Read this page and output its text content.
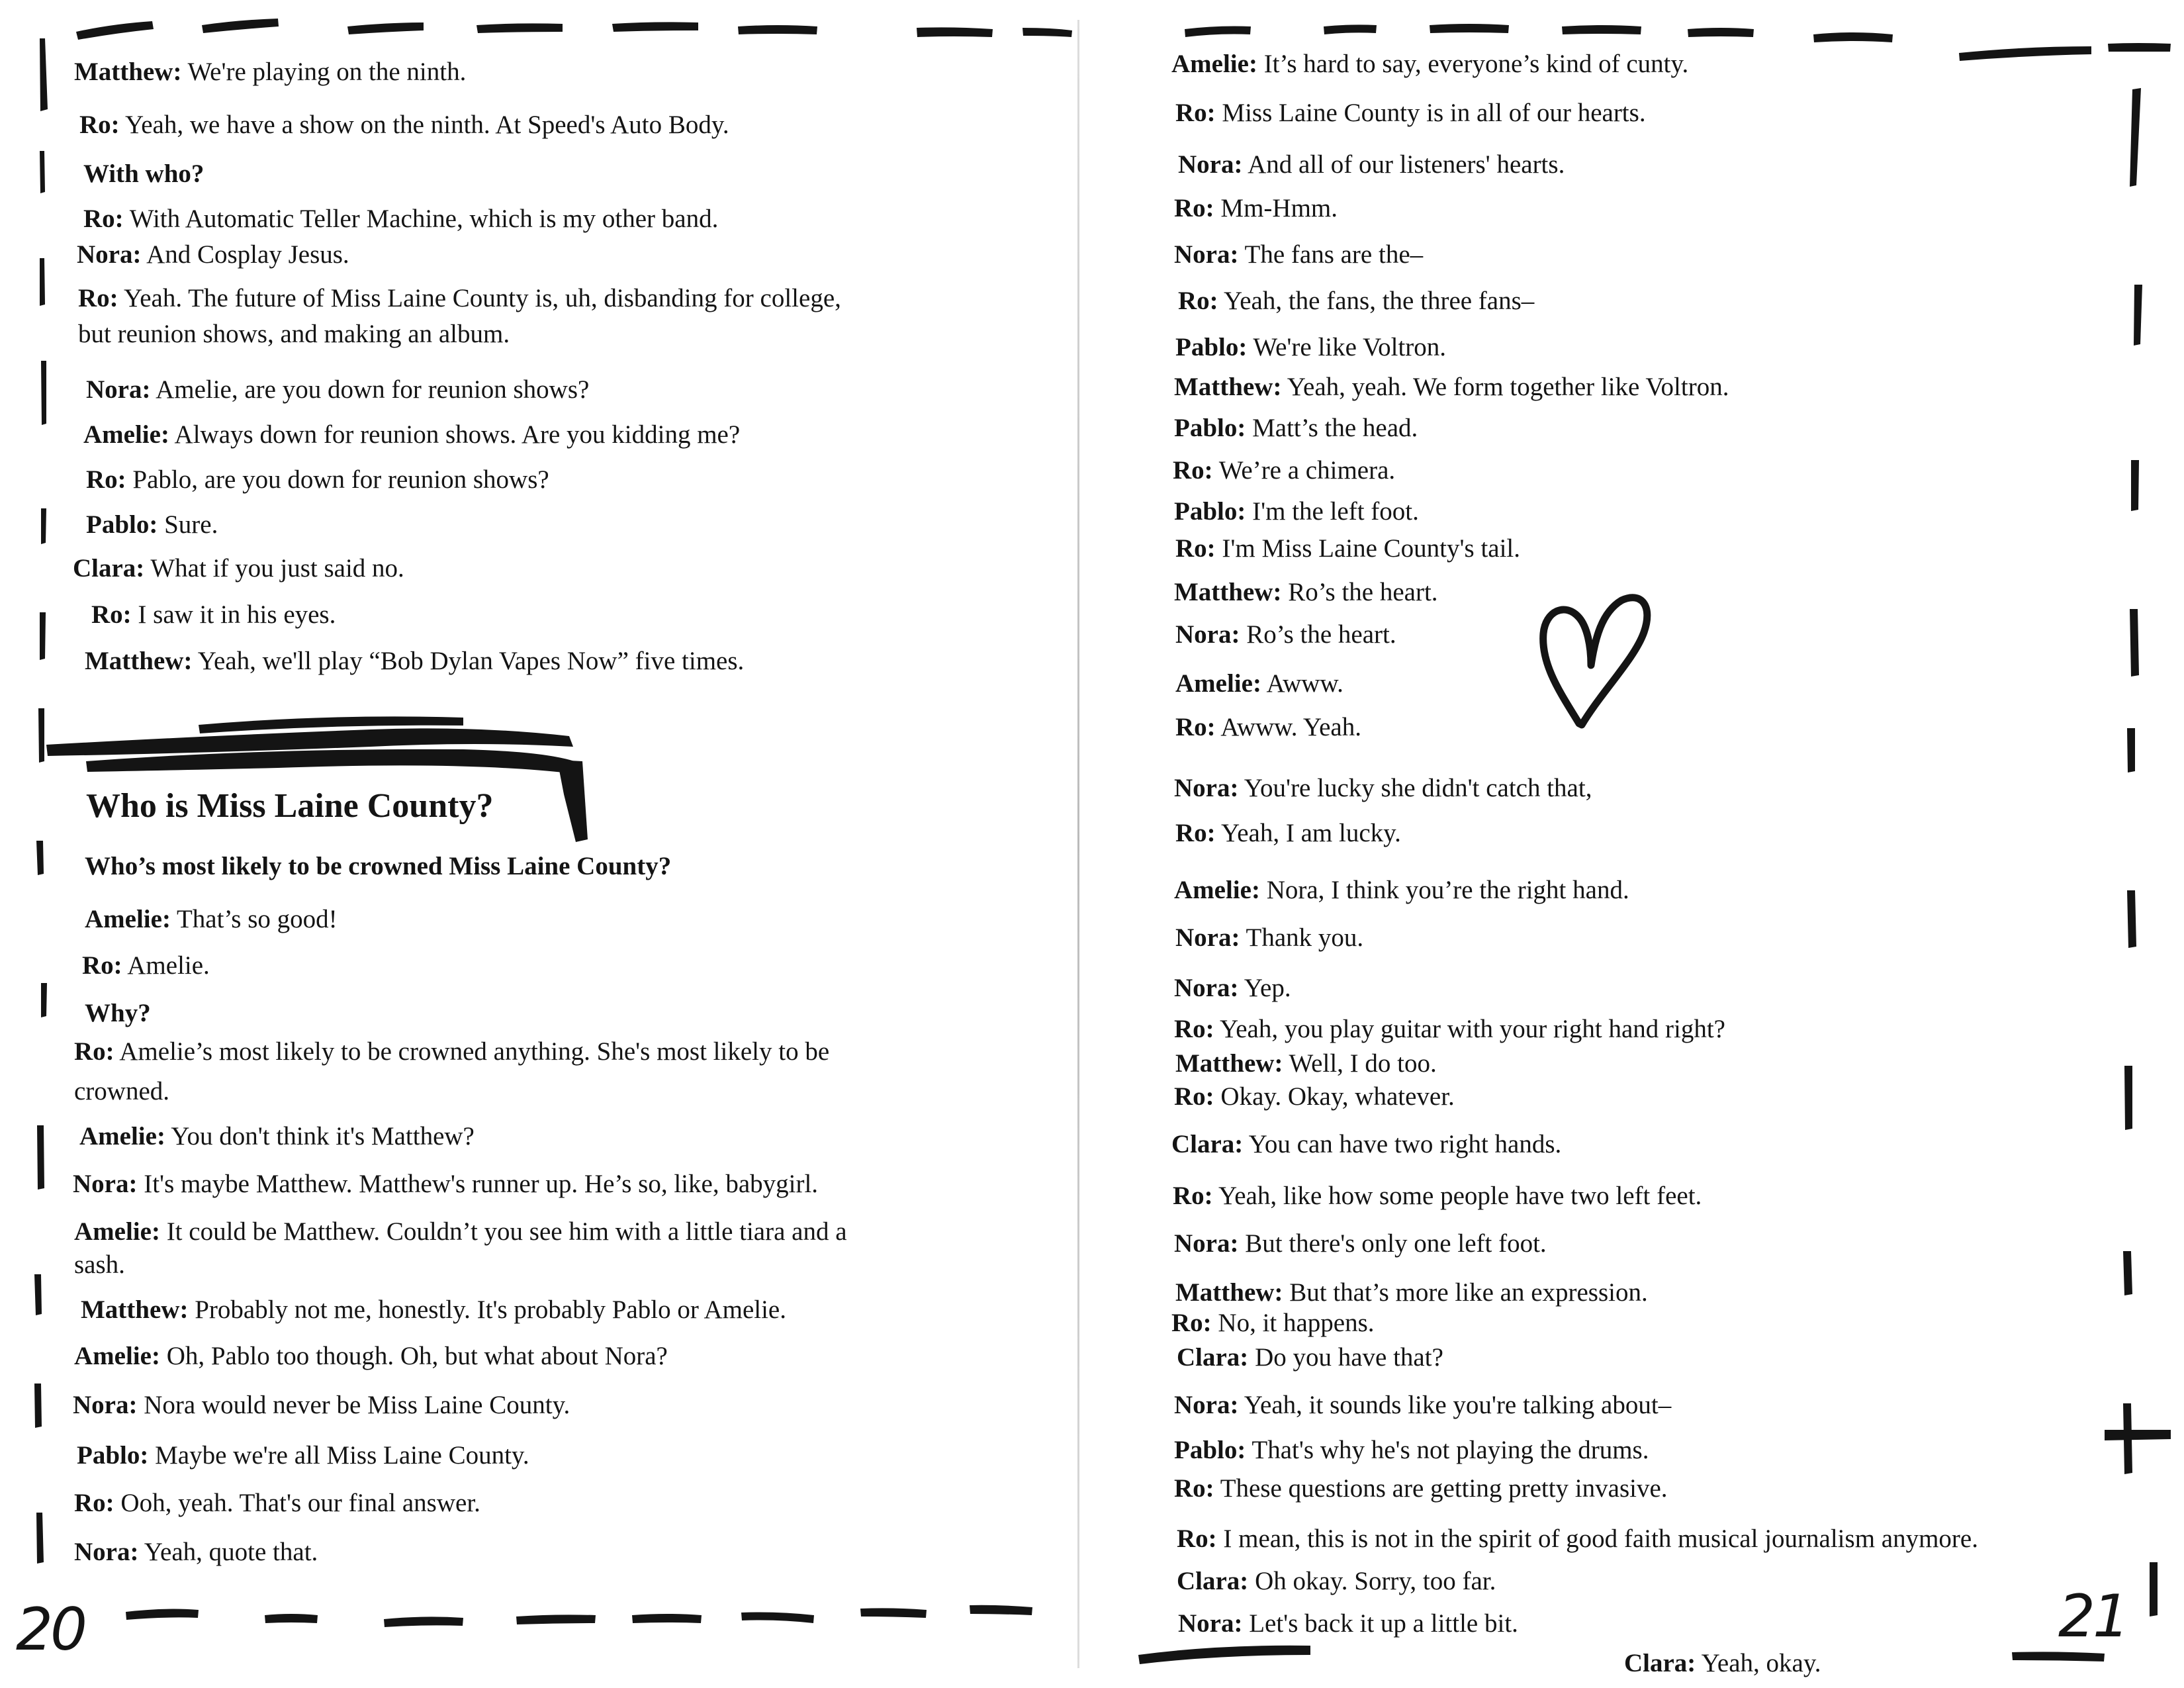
Matthew: We're playing on the ninth.
Ro: Yeah, we have a show on the ninth. At Speed's Auto Body.
With who?
Ro: With Automatic Teller Machine, which is my other band.
Nora: And Cosplay Jesus.
Ro: Yeah. The future of Miss Laine County is, uh, disbanding for college,
but reunion shows, and making an album.
Nora: Amelie, are you down for reunion shows?
Amelie: Always down for reunion shows. Are you kidding me?
Ro: Pablo, are you down for reunion shows?
Pablo: Sure.
Clara: What if you just said no.
Ro: I saw it in his eyes.
Matthew: Yeah, we'll play “Bob Dylan Vapes Now” five times.
Who is Miss Laine County?
Who’s most likely to be crowned Miss Laine County?
Amelie: That’s so good!
Ro: Amelie.
Why?
Ro: Amelie’s most likely to be crowned anything. She's most likely to be
crowned.
Amelie: You don't think it's Matthew?
Nora: It's maybe Matthew. Matthew's runner up. He’s so, like, babygirl.
Amelie: It could be Matthew. Couldn’t you see him with a little tiara and a
sash.
Matthew: Probably not me, honestly. It's probably Pablo or Amelie.
Amelie: Oh, Pablo too though. Oh, but what about Nora?
Nora: Nora would never be Miss Laine County.
Pablo: Maybe we're all Miss Laine County.
Ro: Ooh, yeah. That's our final answer.
Nora: Yeah, quote that.
20
Amelie: It’s hard to say, everyone’s kind of cunty.
Ro: Miss Laine County is in all of our hearts.
Nora: And all of our listeners' hearts.
Ro: Mm-Hmm.
Nora: The fans are the–
Ro: Yeah, the fans, the three fans–
Pablo: We're like Voltron.
Matthew: Yeah, yeah. We form together like Voltron.
Pablo: Matt’s the head.
Ro: We’re a chimera.
Pablo: I'm the left foot.
Ro: I'm Miss Laine County's tail.
Matthew: Ro’s the heart.
Nora: Ro’s the heart.
Amelie: Awww.
Ro: Awww. Yeah.
Nora: You're lucky she didn't catch that,
Ro: Yeah, I am lucky.
Amelie: Nora, I think you’re the right hand.
Nora: Thank you.
Nora: Yep.
Ro: Yeah, you play guitar with your right hand right?
Matthew: Well, I do too.
Ro: Okay. Okay, whatever.
Clara: You can have two right hands.
Ro: Yeah, like how some people have two left feet.
Nora: But there's only one left foot.
Matthew: But that’s more like an expression.
Ro: No, it happens.
Clara: Do you have that?
Nora: Yeah, it sounds like you're talking about–
Pablo: That's why he's not playing the drums.
Ro: These questions are getting pretty invasive.
Ro: I mean, this is not in the spirit of good faith musical journalism anymore.
Clara: Oh okay. Sorry, too far.
Nora: Let's back it up a little bit.
Clara: Yeah, okay.
21
